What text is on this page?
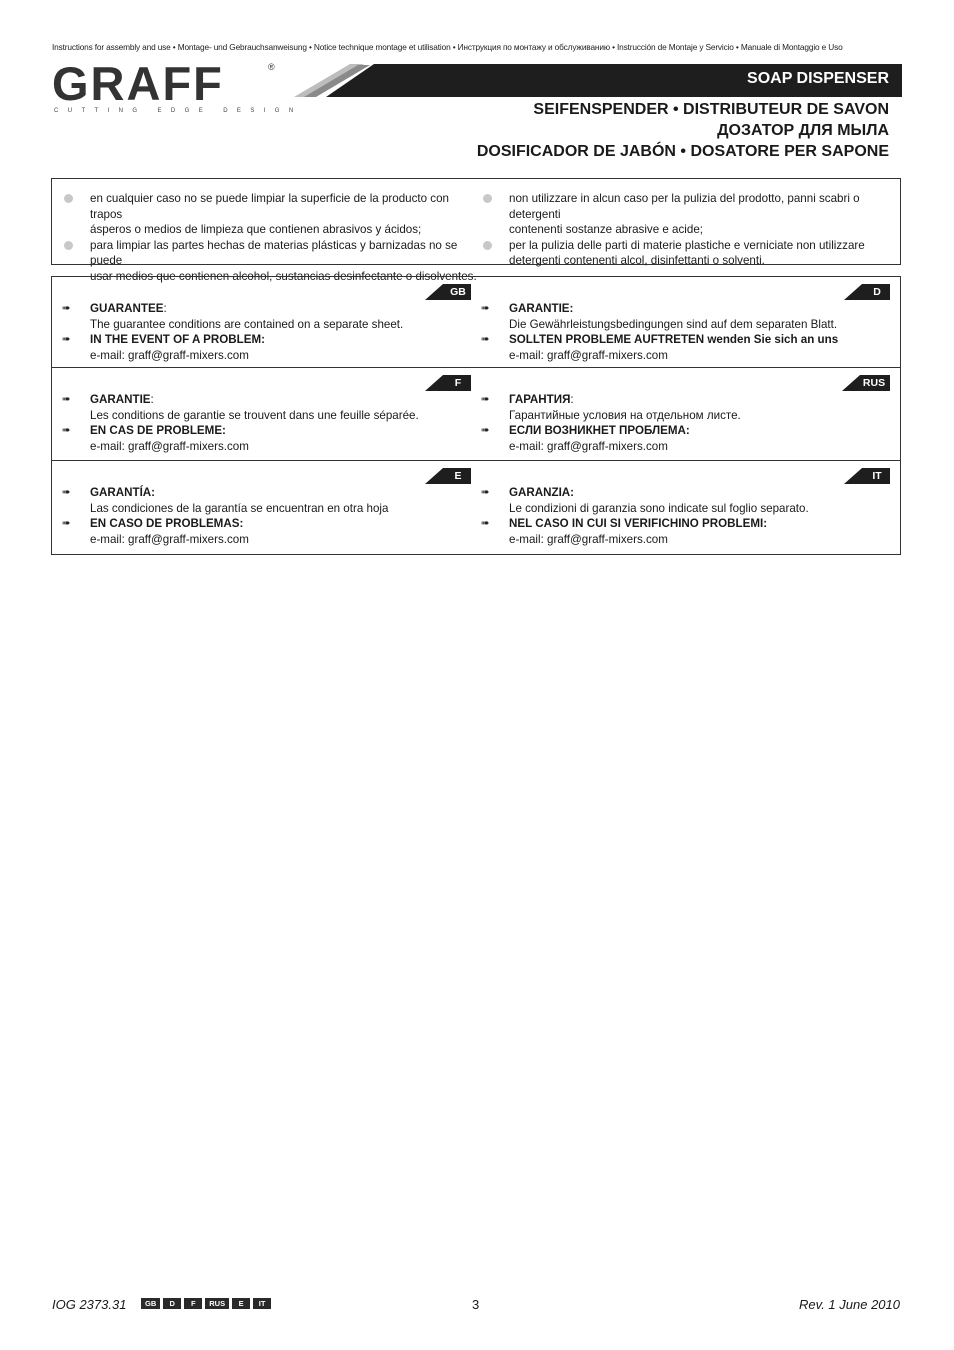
Instructions for assembly and use • Montage- und Gebrauchsanweisung • Notice technique montage et utilisation • Инструкция по монтажу и обслуживанию • Instrucción de Montaje y Servicio • Manuale di Montaggio e Uso
GRAFF	®
CUTTING EDGE DESIGN
SOAP DISPENSER
SEIFENSPENDER • DISTRIBUTEUR DE SAVON
ДОЗАТОР ДЛЯ МЫЛА
DOSIFICADOR DE JABÓN • DOSATORE PER SAPONE
en cualquier caso no se puede limpiar la superficie de la producto con trapos
ásperos o medios de limpieza que contienen abrasivos y ácidos;
para limpiar las partes hechas de materias plásticas y barnizadas no se puede
usar medios que contienen alcohol, sustancias desinfectante o disolventes.
non utilizzare in alcun caso per la pulizia del prodotto, panni scabri o detergenti
contenenti sostanze abrasive e acide;
per la pulizia delle parti di materie plastiche e verniciate non utilizzare
detergenti contenenti alcol, disinfettanti o solventi.
GB
➠ GUARANTEE:
The guarantee conditions are contained on a separate sheet.
➠ IN THE EVENT OF A PROBLEM:
e-mail: graff@graff-mixers.com
D
➠ GARANTIE:
Die Gewährleistungsbedingungen sind auf dem separaten Blatt.
➠ SOLLTEN PROBLEME AUFTRETEN wenden Sie sich an uns
e-mail: graff@graff-mixers.com
F
➠ GARANTIE:
Les conditions de garantie se trouvent dans une feuille séparée.
➠ EN CAS DE PROBLEME:
e-mail: graff@graff-mixers.com
RUS
➠ ГАРАНТИЯ:
Гарантийные условия на отдельном листе.
➠ ЕСЛИ ВОЗНИКНЕТ ПРОБЛЕМА:
e-mail: graff@graff-mixers.com
E
➠ GARANTÍA:
Las condiciones de la garantía se encuentran en otra hoja
➠ EN CASO DE PROBLEMAS:
e-mail: graff@graff-mixers.com
IT
➠ GARANZIA:
Le condizioni di garanzia sono indicate sul foglio separato.
➠ NEL CASO IN CUI SI VERIFICHINO PROBLEMI:
e-mail: graff@graff-mixers.com
IOG 2373.31	GB	D	F	RUS	E	IT	3	Rev. 1 June 2010
